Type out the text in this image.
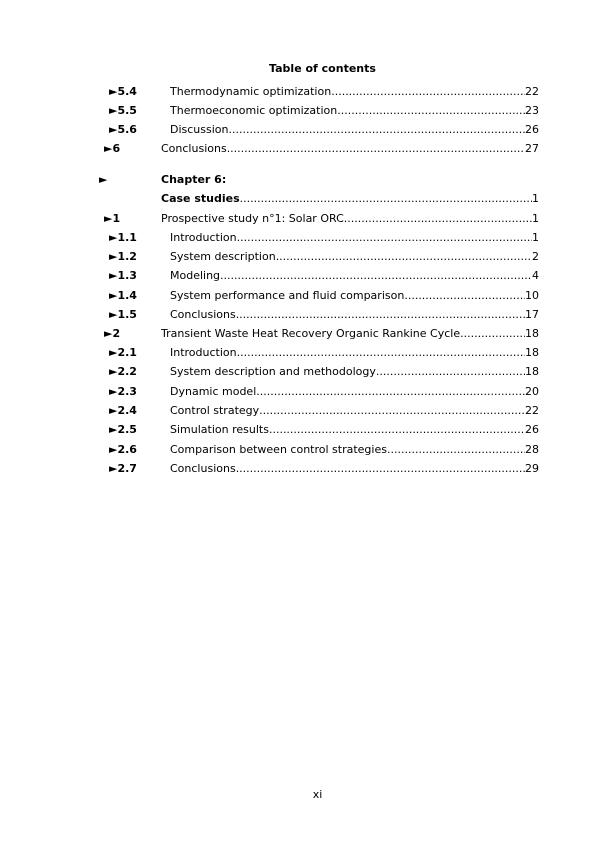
Table of contents
►5.4	Thermodynamic optimization .....	22
►5.5	Thermoeconomic optimization .....	23
►5.6	Discussion .....	26
►6	Conclusions .....	27
►	Chapter 6:
Case studies .....	1
►1	Prospective study n°1: Solar ORC .....	1
►1.1	Introduction .....	1
►1.2	System description .....	2
►1.3	Modeling .....	4
►1.4	System performance and fluid comparison .....	10
►1.5	Conclusions .....	17
►2	Transient Waste Heat Recovery Organic Rankine Cycle .....	18
►2.1	Introduction .....	18
►2.2	System description and methodology .....	18
►2.3	Dynamic model .....	20
►2.4	Control strategy .....	22
►2.5	Simulation results .....	26
►2.6	Comparison between control strategies .....	28
►2.7	Conclusions .....	29
xi
